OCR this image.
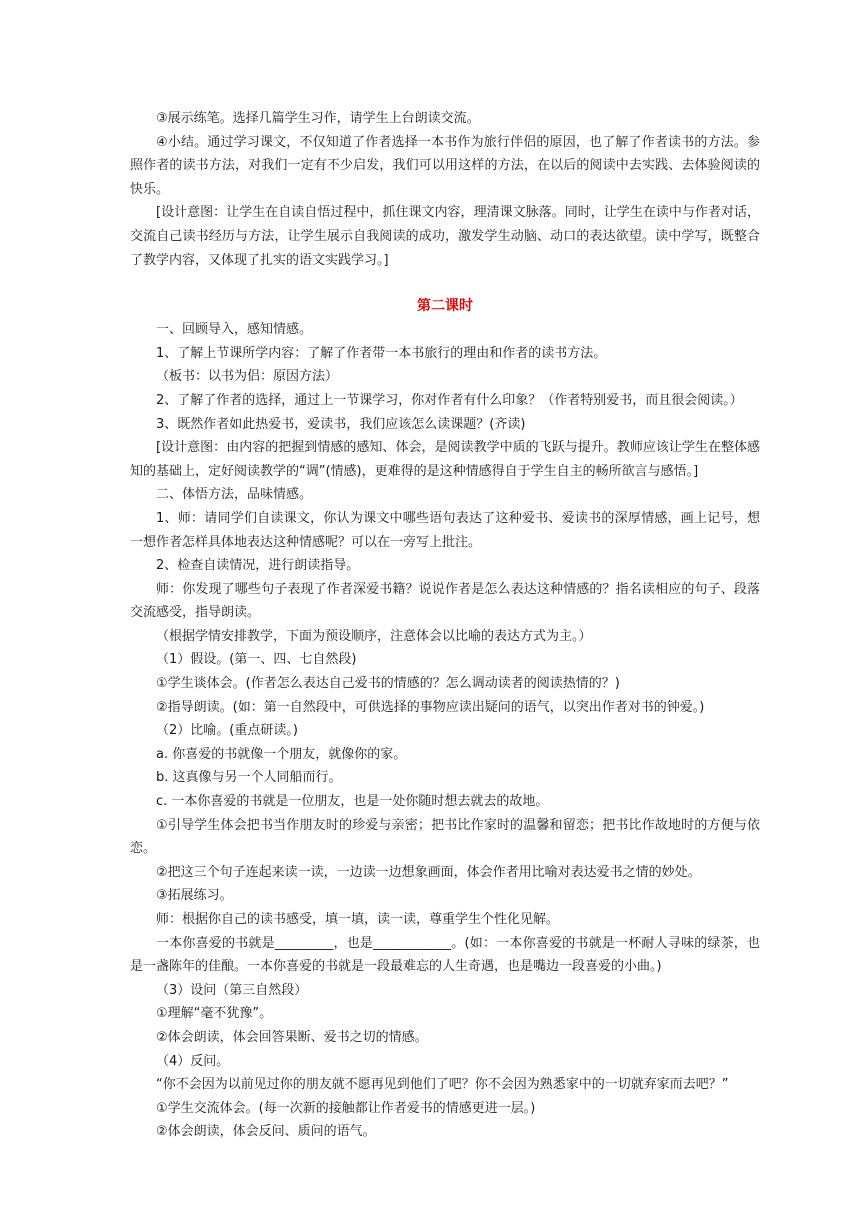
③展示练笔。选择几篇学生习作，请学生上台朗读交流。

④小结。通过学习课文，不仅知道了作者选择一本书作为旅行伴侣的原因，也了解了作者读书的方法。参照作者的读书方法，对我们一定有不少启发，我们可以用这样的方法，在以后的阅读中去实践、去体验阅读的快乐。

[设计意图：让学生在自读自悟过程中，抓住课文内容，理清课文脉落。同时，让学生在读中与作者对话，交流自己读书经历与方法，让学生展示自我阅读的成功，激发学生动脑、动口的表达欲望。读中学写，既整合了教学内容，又体现了扎实的语文实践学习。]

第二课时

一、回顾导入，感知情感。

1、了解上节课所学内容：了解了作者带一本书旅行的理由和作者的读书方法。

（板书：以书为侣：原因方法）

2、了解了作者的选择，通过上一节课学习，你对作者有什么印象？（作者特别爱书，而且很会阅读。）

3、既然作者如此热爱书，爱读书，我们应该怎么读课题？(齐读)

[设计意图：由内容的把握到情感的感知、体会，是阅读教学中质的飞跃与提升。教师应该让学生在整体感知的基础上，定好阅读教学的“调”(情感)，更难得的是这种情感得自于学生自主的畅所欲言与感悟。]

二、体悟方法，品味情感。

1、师：请同学们自读课文，你认为课文中哪些语句表达了这种爱书、爱读书的深厚情感，画上记号，想一想作者怎样具体地表达这种情感呢？可以在一旁写上批注。

2、检查自读情况，进行朗读指导。

师：你发现了哪些句子表现了作者深爱书籍？说说作者是怎么表达这种情感的？指名读相应的句子、段落交流感受，指导朗读。

（根据学情安排教学，下面为预设顺序，注意体会以比喻的表达方式为主。）

（1）假设。(第一、四、七自然段)

①学生谈体会。(作者怎么表达自己爱书的情感的？怎么调动读者的阅读热情的？)

②指导朗读。(如：第一自然段中，可供选择的事物应读出疑问的语气，以突出作者对书的钟爱。)

（2）比喻。(重点研读。)

a. 你喜爱的书就像一个朋友，就像你的家。

b. 这真像与另一个人同船而行。

c. 一本你喜爱的书就是一位朋友，也是一处你随时想去就去的故地。

①引导学生体会把书当作朋友时的珍爱与亲密；把书比作家时的温馨和留恋；把书比作故地时的方便与依恋。

②把这三个句子连起来读一读，一边读一边想象画面，体会作者用比喻对表达爱书之情的妙处。

③拓展练习。

师：根据你自己的读书感受，填一填，读一读，尊重学生个性化见解。

一本你喜爱的书就是_________，也是____________。(如：一本你喜爱的书就是一杯耐人寻味的绿茶，也是一盏陈年的佳酿。一本你喜爱的书就是一段最难忘的人生奇遇，也是嘴边一段喜爱的小曲。)

（3）设问（第三自然段）

①理解“毫不犹豫”。

②体会朗读，体会回答果断、爱书之切的情感。

（4）反问。

“你不会因为以前见过你的朋友就不愿再见到他们了吧？你不会因为熟悉家中的一切就弃家而去吧？”

①学生交流体会。(每一次新的接触都让作者爱书的情感更进一层。)

②体会朗读，体会反问、质问的语气。
